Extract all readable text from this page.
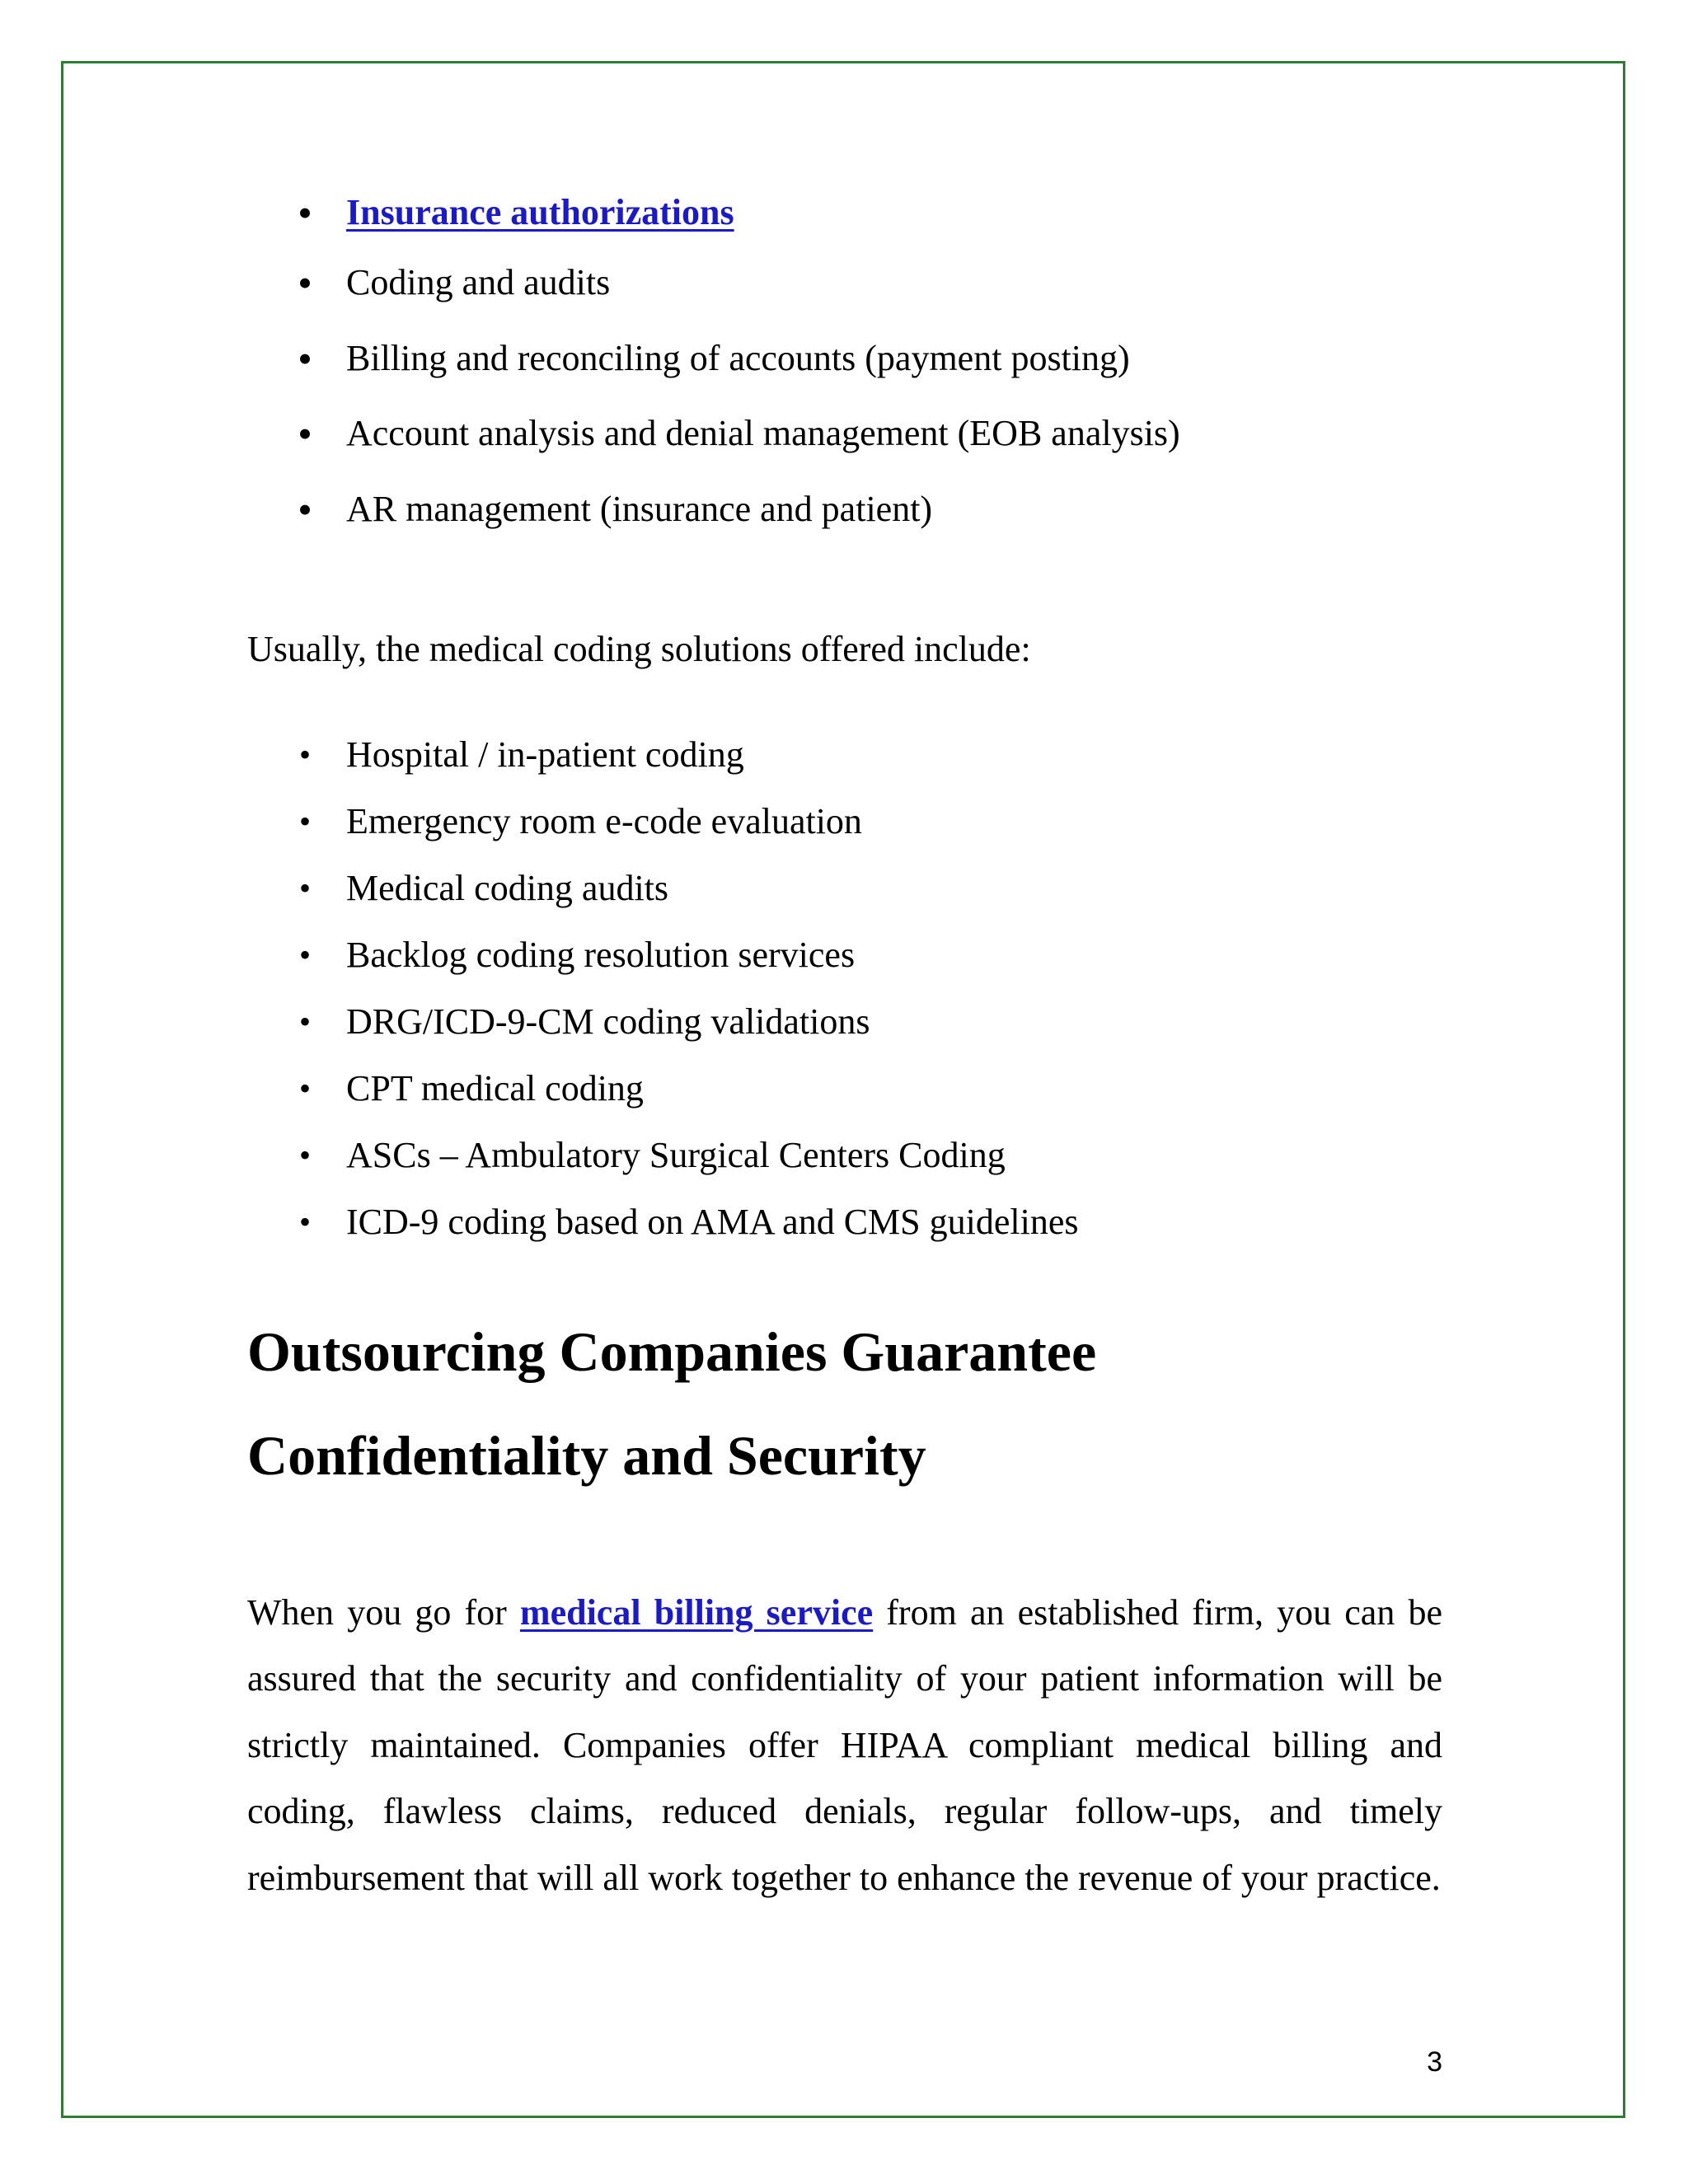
• Insurance authorizations
• Coding and audits
• Billing and reconciling of accounts (payment posting)
• Account analysis and denial management (EOB analysis)
• AR management (insurance and patient)

Usually, the medical coding solutions offered include:

• Hospital / in-patient coding
• Emergency room e-code evaluation
• Medical coding audits
• Backlog coding resolution services
• DRG/ICD-9-CM coding validations
• CPT medical coding
• ASCs – Ambulatory Surgical Centers Coding
• ICD-9 coding based on AMA and CMS guidelines
Outsourcing Companies Guarantee
Confidentiality and Security

When you go for medical billing service from an established firm, you can be assured that the security and confidentiality of your patient information will be strictly maintained. Companies offer HIPAA compliant medical billing and coding, flawless claims, reduced denials, regular follow-ups, and timely reimbursement that will all work together to enhance the revenue of your practice.

3
